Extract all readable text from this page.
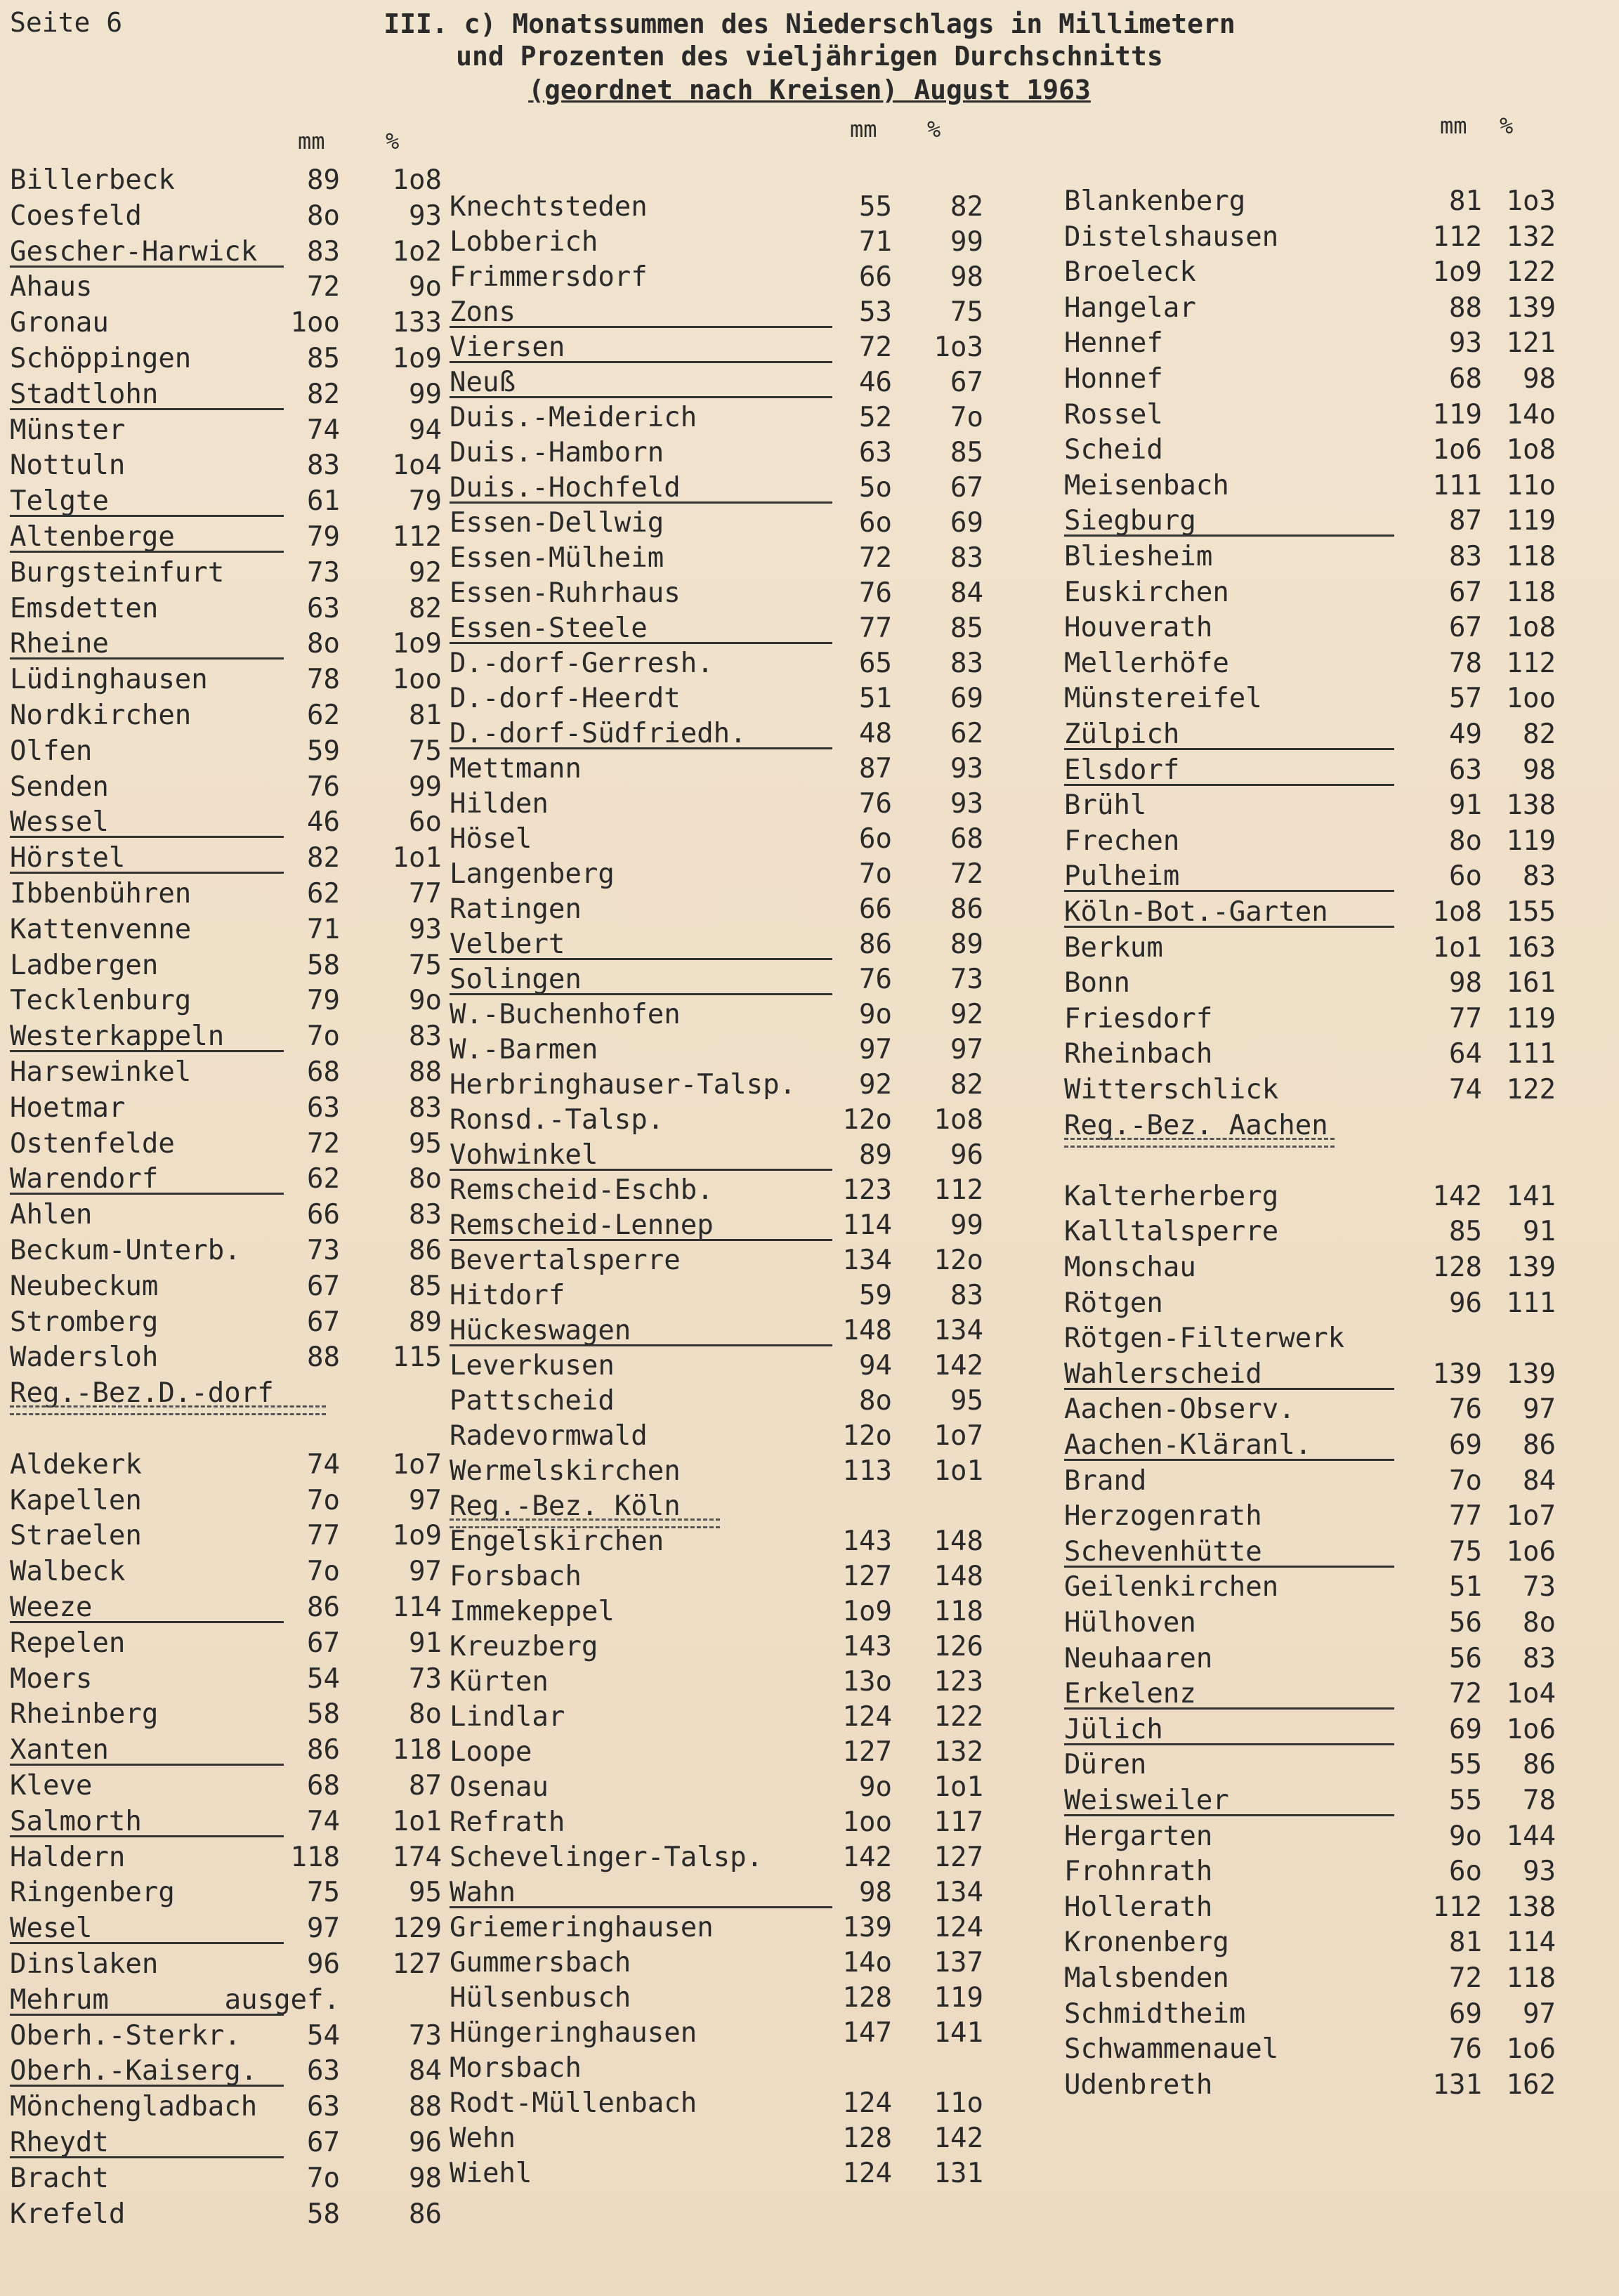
Seite 6	III. c) Monatssummen des Niederschlags in Millimetern
und Prozenten des vieljährigen Durchschnitts
(geordnet nach Kreisen) August 1963
mm	%
Billerbeck	89 1o8
Coesfeld	8o	93
Gescher-Harwick 83 1o2
Ahaus	72	9o
Gronau	1oo 133
Schöppingen	85 1o9
Stadtlohn	82	99
Münster	74	94
Nottuln	83 1o4
Telgte	61	79
Altenberge	79 112
Burgsteinfurt	73	92
Emsdetten	63	82
Rheine	8o 1o9
Lüdinghausen	78 1oo
Nordkirchen	62	81
Olfen	59	75
Senden	76	99
Wessel	46	6o
Hörstel	82 1o1
Ibbenbühren	62	77
Kattenvenne	71	93
Ladbergen	58	75
Tecklenburg	79	9o
Westerkappeln	7o	83
Harsewinkel	68	88
Hoetmar	63	83
Ostenfelde	72	95
Warendorf	62	8o
Ahlen	66	83
Beckum-Unterb. 73	86
Neubeckum	67	85
Stromberg	67	89
Wadersloh	88 115
Reg.-Bez.D.-dorf
Aldekerk	74 1o7
Kapellen	7o	97
Straelen	77 1o9
Walbeck	7o	97
Weeze	86 114
Repelen	67	91
Moers	54	73
Rheinberg	58	8o
Xanten	86 118
Kleve	68	87
Salmorth	74 1o1
Haldern	118 174
Ringenberg	75	95
Wesel	97 129
Dinslaken	96 127
Mehrum	ausgef.
Oberh.-Sterkr. 54	73
Oberh.-Kaiserg. 63	84
Mönchengladbach 63	88
Rheydt	67	96
Bracht	7o	98
Krefeld	58	86
mm %
Knechtsteden	55 82
Lobberich	71 99
Frimmersdorf	66 98
Zons	53 75
Viersen	72 1o3
Neuß	46 67
Duis.-Meiderich	52 7o
Duis.-Hamborn	63 85
Duis.-Hochfeld	5o 67
Essen-Dellwig	6o 69
Essen-Mülheim	72 83
Essen-Ruhrhaus	76 84
Essen-Steele	77 85
D.-dorf-Gerresh.	65 83
D.-dorf-Heerdt	51 69
D.-dorf-Südfriedh.	48 62
Mettmann	87 93
Hilden	76 93
Hösel	6o 68
Langenberg	7o 72
Ratingen	66 86
Velbert	86 89
Solingen	76 73
W.-Buchenhofen	9o 92
W.-Barmen	97 97
Herbringhauser-Talsp. 92 82
Ronsd.-Talsp.	12o 1o8
Vohwinkel	89 96
Remscheid-Eschb.	123 112
Remscheid-Lennep	114 99
Bevertalsperre	134 12o
Hitdorf	59 83
Hückeswagen	148 134
Leverkusen	94 142
Pattscheid	8o 95
Radevormwald	12o 1o7
Wermelskirchen	113 1o1
Reg.-Bez. Köln
Engelskirchen	143 148
Forsbach	127 148
Immekeppel	1o9 118
Kreuzberg	143 126
Kürten	13o 123
Lindlar	124 122
Loope	127 132
Osenau	9o 1o1
Refrath	1oo 117
Schevelinger-Talsp.	142 127
Wahn	98 134
Griemeringhausen	139 124
Gummersbach	14o 137
Hülsenbusch	128 119
Hüngeringhausen	147 141
Morsbach
Rodt-Müllenbach	124 11o
Wehn	128 142
Wiehl	124 131
mm %
Blankenberg	81 1o3
Distelshausen	112 132
Broeleck	1o9 122
Hangelar	88 139
Hennef	93 121
Honnef	68 98
Rossel	119 14o
Scheid	1o6 1o8
Meisenbach	111 11o
Siegburg	87 119
Bliesheim	83 118
Euskirchen	67 118
Houverath	67 1o8
Mellerhöfe	78 112
Münstereifel	57 1oo
Zülpich	49 82
Elsdorf	63 98
Brühl	91 138
Frechen	8o 119
Pulheim	6o 83
Köln-Bot.-Garten	1o8 155
Berkum	1o1 163
Bonn	98 161
Friesdorf	77 119
Rheinbach	64 111
Witterschlick	74 122
Reg.-Bez. Aachen
Kalterherberg	142 141
Kalltalsperre	85 91
Monschau	128 139
Rötgen	96 111
Rötgen-Filterwerk
Wahlerscheid	139 139
Aachen-Observ.	76 97
Aachen-Kläranl.	69 86
Brand	7o 84
Herzogenrath	77 1o7
Schevenhütte	75 1o6
Geilenkirchen	51 73
Hülhoven	56 8o
Neuhaaren	56 83
Erkelenz	72 1o4
Jülich	69 1o6
Düren	55 86
Weisweiler	55 78
Hergarten	9o 144
Frohnrath	6o 93
Hollerath	112 138
Kronenberg	81 114
Malsbenden	72 118
Schmidtheim	69 97
Schwammenauel	76 1o6
Udenbreth	131 162
